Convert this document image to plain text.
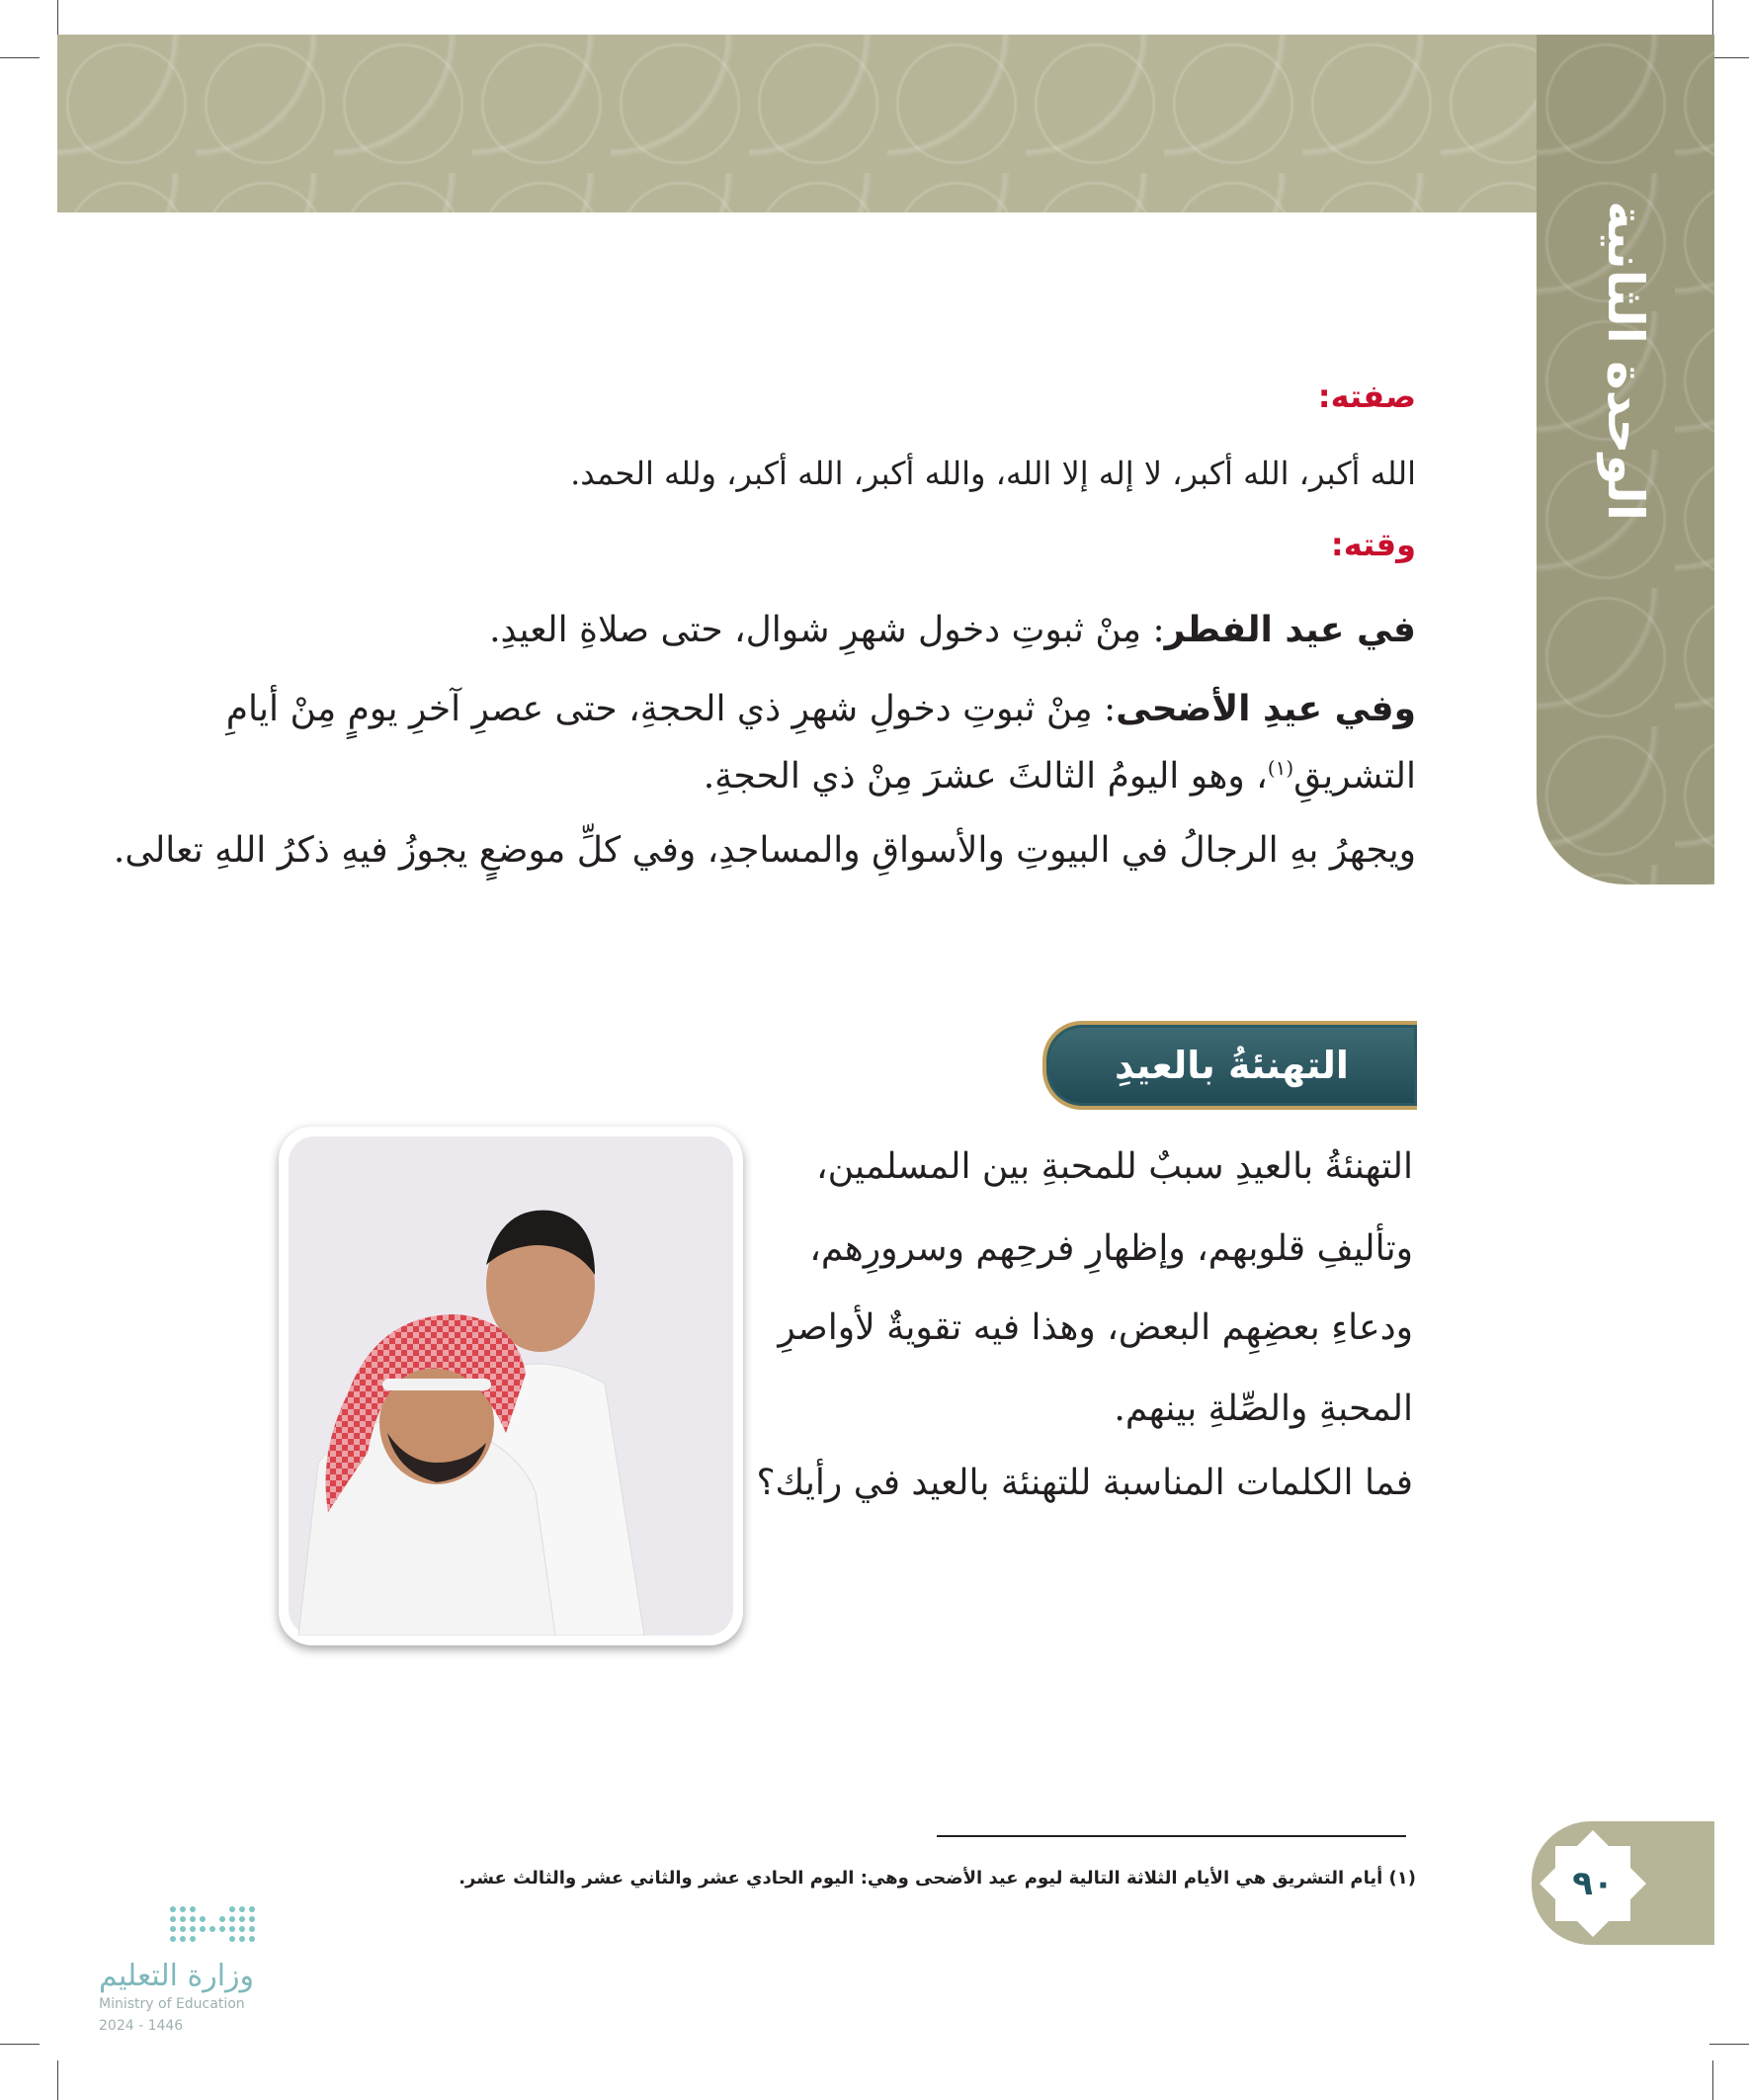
الوحدة الثانية
صفته:
الله أكبر، الله أكبر، لا إله إلا الله، والله أكبر، الله أكبر، ولله الحمد.
وقته:
في عيد الفطر: مِنْ ثبوتِ دخول شهرِ شوال، حتى صلاةِ العيدِ.
وفي عيدِ الأضحى: مِنْ ثبوتِ دخولِ شهرِ ذي الحجةِ، حتى عصرِ آخرِ يومٍ مِنْ أيامِ
التشريقِ$^{(١)}$، وهو اليومُ الثالثَ عشرَ مِنْ ذي الحجةِ.
ويجهرُ بهِ الرجالُ في البيوتِ والأسواقِ والمساجدِ، وفي كلِّ موضعٍ يجوزُ فيهِ ذكرُ اللهِ تعالى.
التهنئةُ بالعيدِ
التهنئةُ بالعيدِ سببٌ للمحبةِ بين المسلمين،
وتأليفِ قلوبهم، وإظهارِ فرحِهم وسرورِهم،
ودعاءِ بعضِهِم البعض، وهذا فيه تقويةٌ لأواصرِ
المحبةِ والصِّلةِ بينهم.
فما الكلمات المناسبة للتهنئة بالعيد في رأيك؟
(١) أيام التشريق هي الأيام الثلاثة التالية ليوم عيد الأضحى وهي: اليوم الحادي عشر والثاني عشر والثالث عشر.	٩٠
وزارة التعليم
Ministry of Education
2024 - 1446
